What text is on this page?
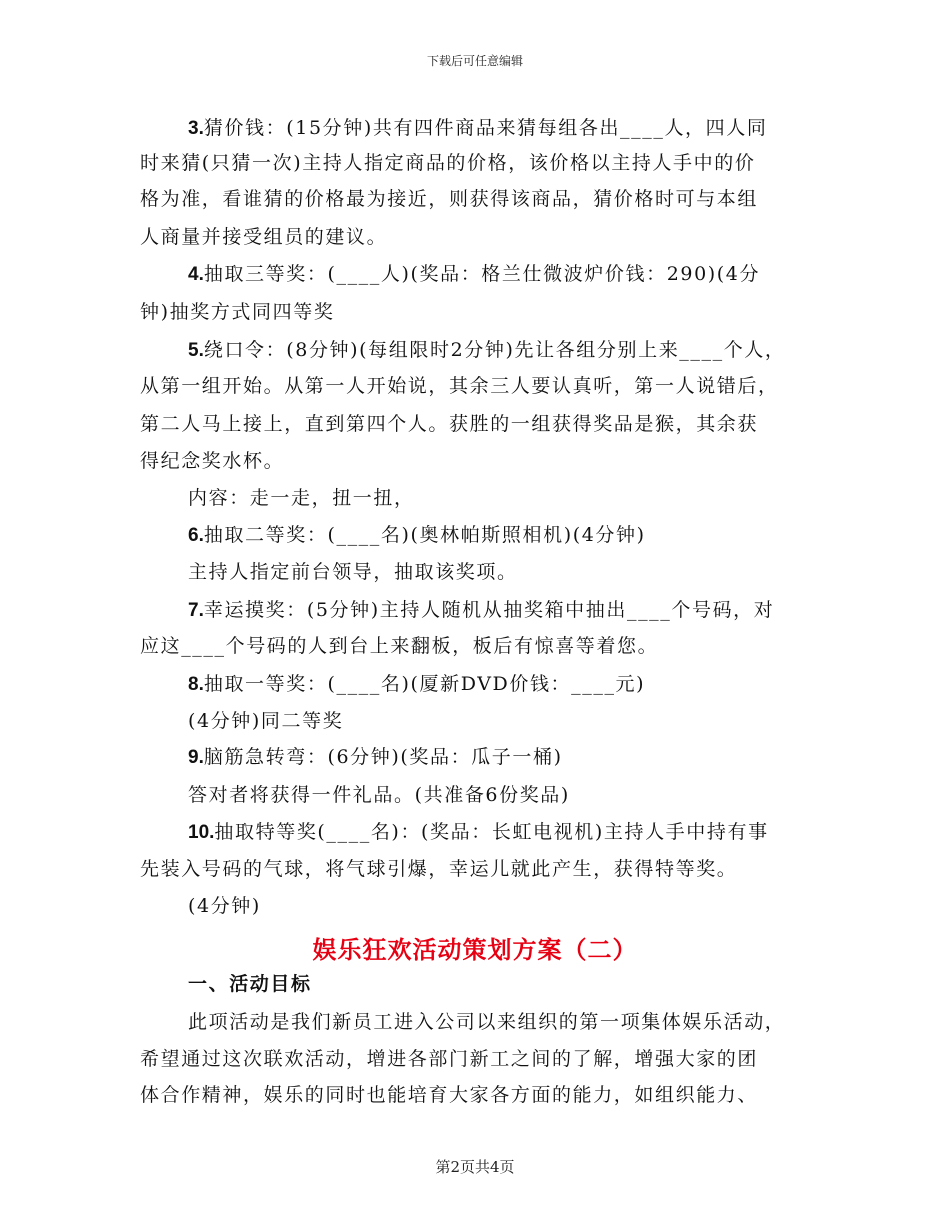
下载后可任意编辑
3.猜价钱：(15分钟)共有四件商品来猜每组各出____人，四人同
时来猜(只猜一次)主持人指定商品的价格，该价格以主持人手中的价
格为准，看谁猜的价格最为接近，则获得该商品，猜价格时可与本组
人商量并接受组员的建议。
4.抽取三等奖：(____人)(奖品：格兰仕微波炉价钱：290)(4分
钟)抽奖方式同四等奖
5.绕口令：(8分钟)(每组限时2分钟)先让各组分别上来____个人，
从第一组开始。从第一人开始说，其余三人要认真听，第一人说错后，
第二人马上接上，直到第四个人。获胜的一组获得奖品是猴，其余获
得纪念奖水杯。
内容：走一走，扭一扭，
6.抽取二等奖：(____名)(奥林帕斯照相机)(4分钟)
主持人指定前台领导，抽取该奖项。
7.幸运摸奖：(5分钟)主持人随机从抽奖箱中抽出____个号码，对
应这____个号码的人到台上来翻板，板后有惊喜等着您。
8.抽取一等奖：(____名)(厦新DVD价钱：____元)
(4分钟)同二等奖
9.脑筋急转弯：(6分钟)(奖品：瓜子一桶)
答对者将获得一件礼品。(共准备6份奖品)
10.抽取特等奖(____名)：(奖品：长虹电视机)主持人手中持有事
先装入号码的气球，将气球引爆，幸运儿就此产生，获得特等奖。
(4分钟)
娱乐狂欢活动策划方案（二）
一、活动目标
此项活动是我们新员工进入公司以来组织的第一项集体娱乐活动，
希望通过这次联欢活动，增进各部门新工之间的了解，增强大家的团
体合作精神，娱乐的同时也能培育大家各方面的能力，如组织能力、
第2页共4页
